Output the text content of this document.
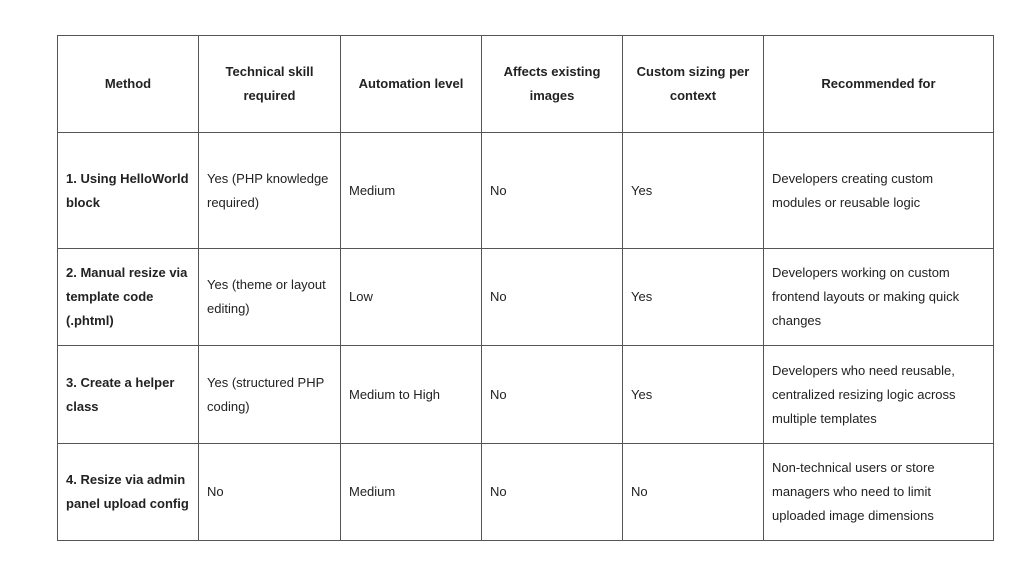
Method	Technical skill required	Automation level	Affects existing images	Custom sizing per context	Recommended for
1. Using HelloWorld block	Yes (PHP knowledge required)	Medium	No	Yes	Developers creating custom modules or reusable logic
2. Manual resize via template code (.phtml)	Yes (theme or layout editing)	Low	No	Yes	Developers working on custom frontend layouts or making quick changes
3. Create a helper class	Yes (structured PHP coding)	Medium to High	No	Yes	Developers who need reusable, centralized resizing logic across multiple templates
4. Resize via admin panel upload config	No	Medium	No	No	Non-technical users or store managers who need to limit uploaded image dimensions
